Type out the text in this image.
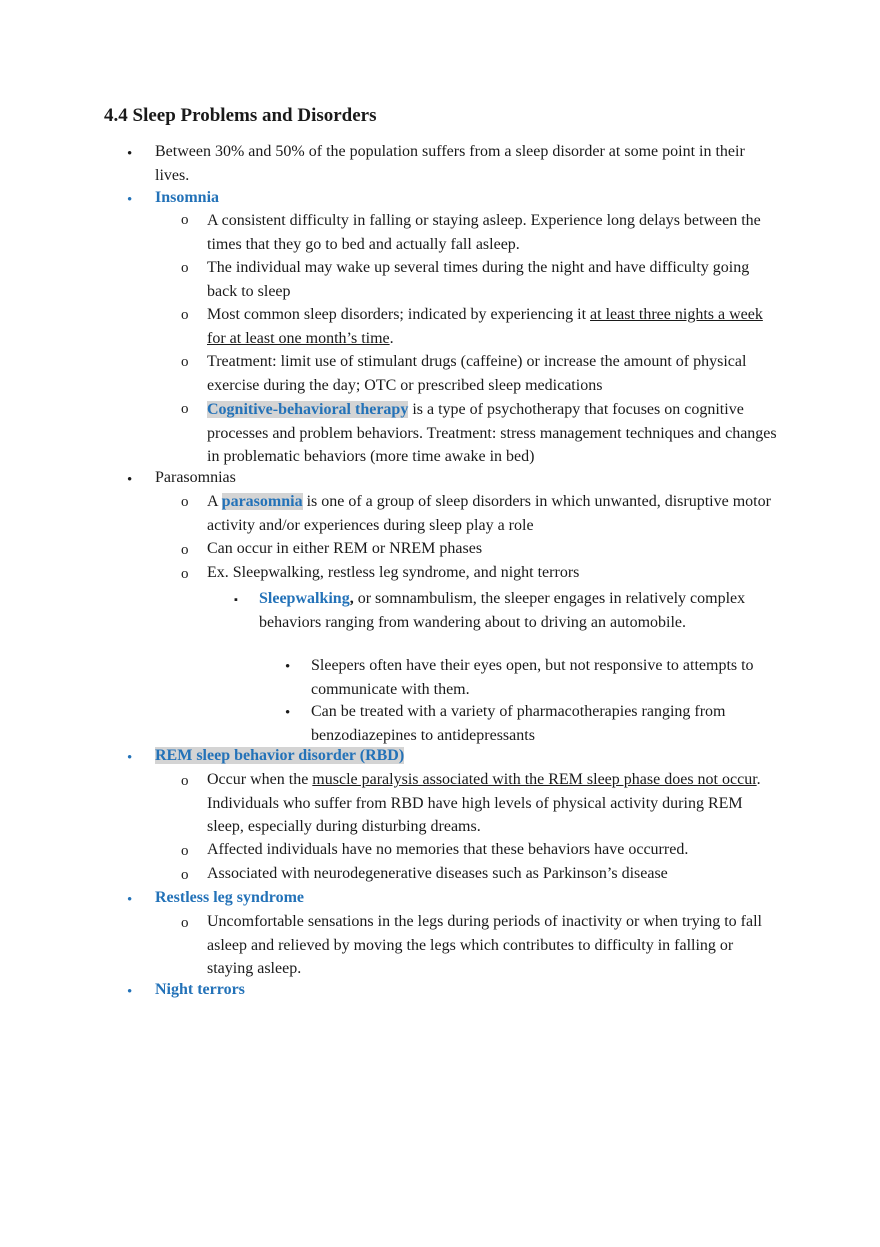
4.4 Sleep Problems and Disorders
• Between 30% and 50% of the population suffers from a sleep disorder at some point in their lives.
• Insomnia
o A consistent difficulty in falling or staying asleep. Experience long delays between the times that they go to bed and actually fall asleep.
o The individual may wake up several times during the night and have difficulty going back to sleep
o Most common sleep disorders; indicated by experiencing it at least three nights a week for at least one month’s time.
o Treatment: limit use of stimulant drugs (caffeine) or increase the amount of physical exercise during the day; OTC or prescribed sleep medications
o Cognitive-behavioral therapy is a type of psychotherapy that focuses on cognitive processes and problem behaviors. Treatment: stress management techniques and changes in problematic behaviors (more time awake in bed)
• Parasomnias
o A parasomnia is one of a group of sleep disorders in which unwanted, disruptive motor activity and/or experiences during sleep play a role
o Can occur in either REM or NREM phases
o Ex. Sleepwalking, restless leg syndrome, and night terrors
▪ Sleepwalking, or somnambulism, the sleeper engages in relatively complex behaviors ranging from wandering about to driving an automobile.
• Sleepers often have their eyes open, but not responsive to attempts to communicate with them.
• Can be treated with a variety of pharmacotherapies ranging from benzodiazepines to antidepressants
• REM sleep behavior disorder (RBD)
o Occur when the muscle paralysis associated with the REM sleep phase does not occur. Individuals who suffer from RBD have high levels of physical activity during REM sleep, especially during disturbing dreams.
o Affected individuals have no memories that these behaviors have occurred.
o Associated with neurodegenerative diseases such as Parkinson’s disease
• Restless leg syndrome
o Uncomfortable sensations in the legs during periods of inactivity or when trying to fall asleep and relieved by moving the legs which contributes to difficulty in falling or staying asleep.
• Night terrors
